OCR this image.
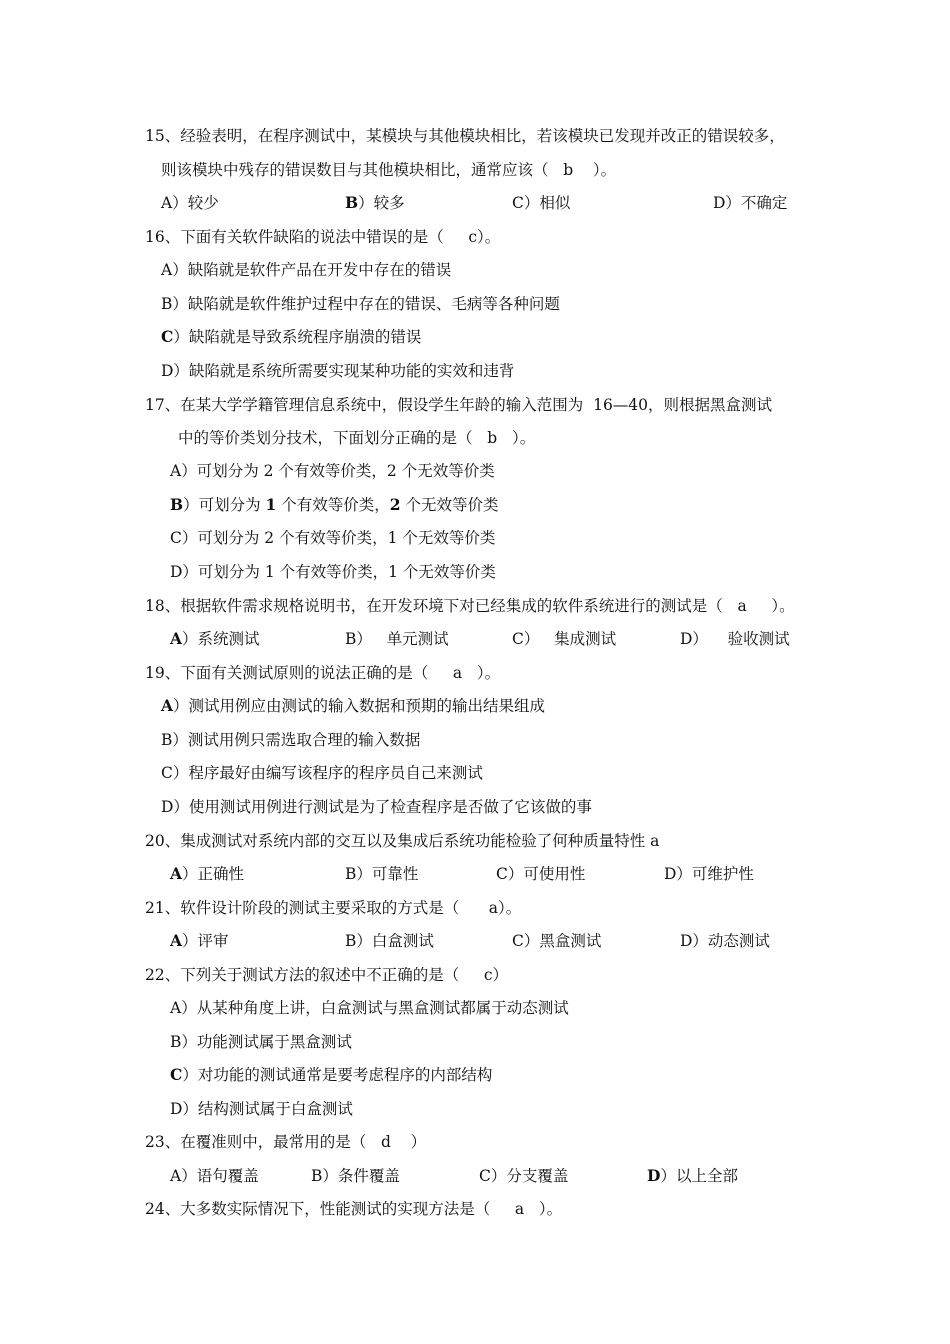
15、经验表明，在程序测试中，某模块与其他模块相比，若该模块已发现并改正的错误较多，
则该模块中残存的错误数目与其他模块相比，通常应该（   b    ）。
A）较少	B）较多	C）相似	D）不确定
16、下面有关软件缺陷的说法中错误的是（     c）。
A）缺陷就是软件产品在开发中存在的错误
B）缺陷就是软件维护过程中存在的错误、毛病等各种问题
C）缺陷就是导致系统程序崩溃的错误
D）缺陷就是系统所需要实现某种功能的实效和违背
17、在某大学学籍管理信息系统中，假设学生年龄的输入范围为  16—40，则根据黑盒测试
中的等价类划分技术，下面划分正确的是（   b   ）。
A）可划分为 2 个有效等价类，2 个无效等价类
B）可划分为 1 个有效等价类，2 个无效等价类
C）可划分为 2 个有效等价类，1 个无效等价类
D）可划分为 1 个有效等价类，1 个无效等价类
18、根据软件需求规格说明书，在开发环境下对已经集成的软件系统进行的测试是（   a     ）。
A）系统测试	B）   单元测试	C）   集成测试	D）    验收测试
19、下面有关测试原则的说法正确的是（     a   ）。
A）测试用例应由测试的输入数据和预期的输出结果组成
B）测试用例只需选取合理的输入数据
C）程序最好由编写该程序的程序员自己来测试
D）使用测试用例进行测试是为了检查程序是否做了它该做的事
20、集成测试对系统内部的交互以及集成后系统功能检验了何种质量特性 a
A）正确性	B）可靠性	C）可使用性	D）可维护性
21、软件设计阶段的测试主要采取的方式是（      a）。
A）评审	B）白盒测试	C）黑盒测试	D）动态测试
22、下列关于测试方法的叙述中不正确的是（     c）
A）从某种角度上讲，白盒测试与黑盒测试都属于动态测试
B）功能测试属于黑盒测试
C）对功能的测试通常是要考虑程序的内部结构
D）结构测试属于白盒测试
23、在覆准则中，最常用的是（   d    ）
A）语句覆盖	B）条件覆盖	C）分支覆盖	D）以上全部
24、大多数实际情况下，性能测试的实现方法是（     a   ）。
